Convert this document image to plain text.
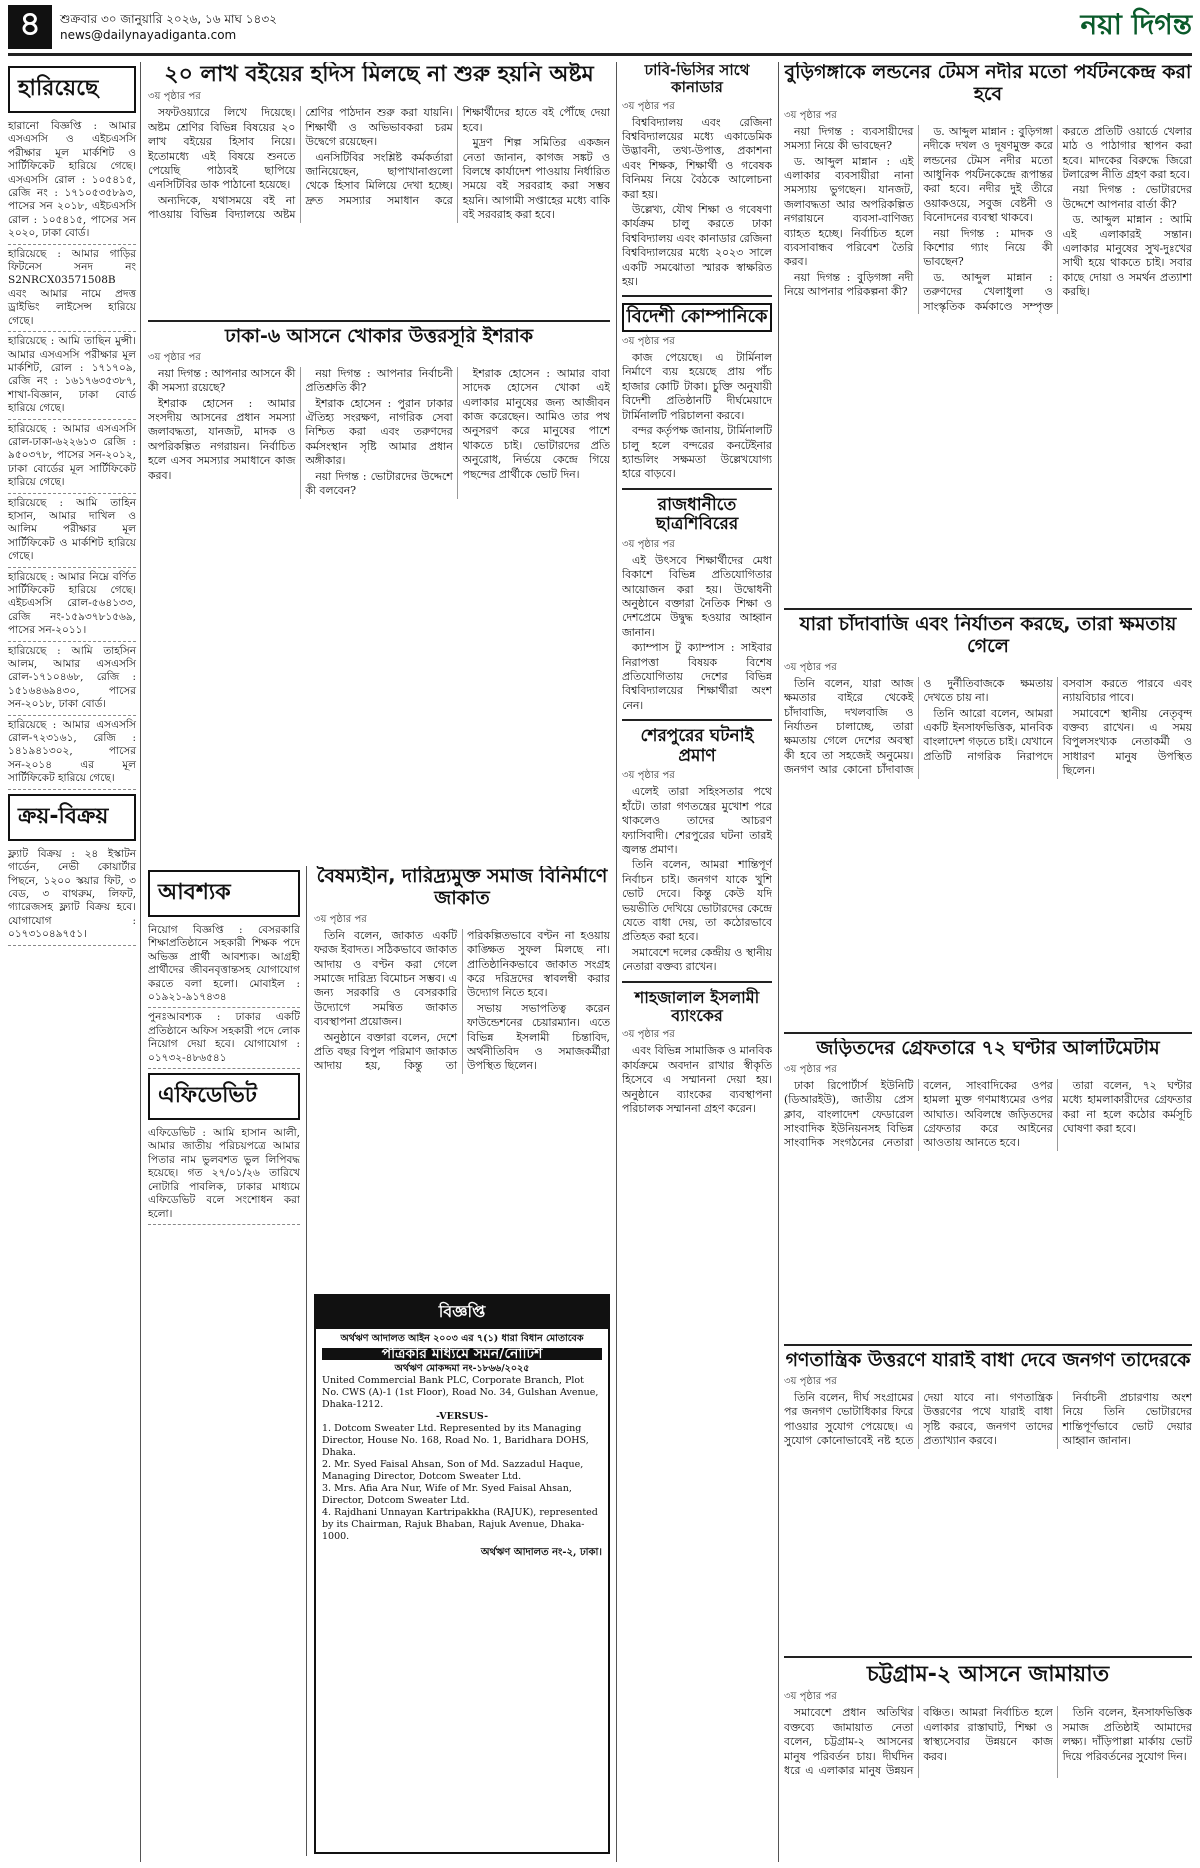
৪	শুক্রবার ৩০ জানুয়ারি ২০২৬, ১৬ মাঘ ১৪৩২
news@dailynayadiganta.com	নয়া দিগন্ত
হারিয়েছে
হারানো বিজ্ঞপ্তি : আমার এসএসসি ও এইচএসসি পরীক্ষার মূল মার্কশিট ও সার্টিফিকেট হারিয়ে গেছে। এসএসসি রোল : ১০৫৪১৫, রেজি নং : ১৭১০৫৩৫৮৯৩, পাসের সন ২০১৮, এইচএসসি রোল : ১০৫৪১৫, পাসের সন ২০২০, ঢাকা বোর্ড।
হারিয়েছে : আমার গাড়ির ফিটনেস সনদ নং S2NRCX03571508B এবং আমার নামে প্রদত্ত ড্রাইভিং লাইসেন্স হারিয়ে গেছে।
হারিয়েছে : আমি তাছিন মুন্সী। আমার এসএসসি পরীক্ষার মূল মার্কশিট, রোল : ১৭১৭০৯, রেজি নং : ১৬১৭৬৩৫৩৮৭, শাখা-বিজ্ঞান, ঢাকা বোর্ড হারিয়ে গেছে।
হারিয়েছে : আমার এসএসসি রোল-ঢাকা-৬২২৬১৩ রেজি : ৯৫০৩৭৮, পাসের সন-২০১২, ঢাকা বোর্ডের মূল সার্টিফিকেট হারিয়ে গেছে।
হারিয়েছে : আমি তাহিন হাসান, আমার দাখিল ও আলিম পরীক্ষার মূল সার্টিফিকেট ও মার্কশিট হারিয়ে গেছে।
হারিয়েছে : আমার নিম্নে বর্ণিত সার্টিফিকেট হারিয়ে গেছে। এইচএসসি রোল-৫৬৪১৩৩, রেজি নং-১৫৯৩৭৮১৫৬৯, পাসের সন-২০১১।
হারিয়েছে : আমি তাহসিন আলম, আমার এসএসসি রোল-১৭১০৪৬৮, রেজি : ১৫১৬৪৬৯৪৩০, পাসের সন-২০১৮, ঢাকা বোর্ড।
হারিয়েছে : আমার এসএসসি রোল-৭২৩১৬১, রেজি : ১৪১৯৪১৩০২, পাসের সন-২০১৪ এর মূল সার্টিফিকেট হারিয়ে গেছে।
ক্রয়-বিক্রয়
ফ্ল্যাট বিক্রয় : ২৪ ইস্কাটন গার্ডেন, নেভী কোয়ার্টার পিছনে, ১২০০ স্কয়ার ফিট, ৩ বেড, ৩ বাথরুম, লিফট, গ্যারেজসহ ফ্ল্যাট বিক্রয় হবে। যোগাযোগ : ০১৭৩১০৪৯৭৫১।
২০ লাখ বইয়ের হদিস মিলছে না শুরু হয়নি অষ্টম
৩য় পৃষ্ঠার পর

সফটওয়্যারে লিখে দিয়েছে। অষ্টম শ্রেণির বিভিন্ন বিষয়ের ২০ লাখ বইয়ের হিসাব নিয়ে। ইতোমধ্যে এই বিষয়ে শুনতে পেয়েছি পাঠ্যবই ছাপিয়ে এনসিটিবির ডাক পাঠানো হয়েছে।

অন্যদিকে, যথাসময়ে বই না পাওয়ায় বিভিন্ন বিদ্যালয়ে অষ্টম শ্রেণির পাঠদান শুরু করা যায়নি। শিক্ষার্থী ও অভিভাবকরা চরম উদ্বেগে রয়েছেন।

এনসিটিবির সংশ্লিষ্ট কর্মকর্তারা জানিয়েছেন, ছাপাখানাগুলো থেকে হিসাব মিলিয়ে দেখা হচ্ছে। দ্রুত সমস্যার সমাধান করে শিক্ষার্থীদের হাতে বই পৌঁছে দেয়া হবে।

মুদ্রণ শিল্প সমিতির একজন নেতা জানান, কাগজ সঙ্কট ও বিলম্বে কার্যাদেশ পাওয়ায় নির্ধারিত সময়ে বই সরবরাহ করা সম্ভব হয়নি। আগামী সপ্তাহের মধ্যে বাকি বই সরবরাহ করা হবে।

ঢাকা-৬ আসনে খোকার উত্তরসূরি ইশরাক
৩য় পৃষ্ঠার পর

নয়া দিগন্ত : আপনার আসনে কী কী সমস্যা রয়েছে?

ইশরাক হোসেন : আমার সংসদীয় আসনের প্রধান সমস্যা জলাবদ্ধতা, যানজট, মাদক ও অপরিকল্পিত নগরায়ন। নির্বাচিত হলে এসব সমস্যার সমাধানে কাজ করব।

নয়া দিগন্ত : আপনার নির্বাচনী প্রতিশ্রুতি কী?

ইশরাক হোসেন : পুরান ঢাকার ঐতিহ্য সংরক্ষণ, নাগরিক সেবা নিশ্চিত করা এবং তরুণদের কর্মসংস্থান সৃষ্টি আমার প্রধান অঙ্গীকার।

নয়া দিগন্ত : ভোটারদের উদ্দেশে কী বলবেন?

ইশরাক হোসেন : আমার বাবা সাদেক হোসেন খোকা এই এলাকার মানুষের জন্য আজীবন কাজ করেছেন। আমিও তার পথ অনুসরণ করে মানুষের পাশে থাকতে চাই। ভোটারদের প্রতি অনুরোধ, নির্ভয়ে কেন্দ্রে গিয়ে পছন্দের প্রার্থীকে ভোট দিন।

আবশ্যক
নিয়োগ বিজ্ঞপ্তি : বেসরকারি শিক্ষাপ্রতিষ্ঠানে সহকারী শিক্ষক পদে অভিজ্ঞ প্রার্থী আবশ্যক। আগ্রহী প্রার্থীদের জীবনবৃত্তান্তসহ যোগাযোগ করতে বলা হলো। মোবাইল : ০১৯২১-৯১৭৪৩৪
পুনঃআবশ্যক : ঢাকার একটি প্রতিষ্ঠানে অফিস সহকারী পদে লোক নিয়োগ দেয়া হবে। যোগাযোগ : ০১৭৩২-৪৮৬৫৪১
এফিডেভিট
এফিডেভিট : আমি হাসান আলী, আমার জাতীয় পরিচয়পত্রে আমার পিতার নাম ভুলবশত ভুল লিপিবদ্ধ হয়েছে। গত ২৭/০১/২৬ তারিখে নোটারি পাবলিক, ঢাকার মাধ্যমে এফিডেভিট বলে সংশোধন করা হলো।
বৈষম্যহীন, দারিদ্র্যমুক্ত সমাজ বিনির্মাণে জাকাত
৩য় পৃষ্ঠার পর

তিনি বলেন, জাকাত একটি ফরজ ইবাদত। সঠিকভাবে জাকাত আদায় ও বণ্টন করা গেলে সমাজে দারিদ্র্য বিমোচন সম্ভব। এ জন্য সরকারি ও বেসরকারি উদ্যোগে সমন্বিত জাকাত ব্যবস্থাপনা প্রয়োজন।

অনুষ্ঠানে বক্তারা বলেন, দেশে প্রতি বছর বিপুল পরিমাণ জাকাত আদায় হয়, কিন্তু তা পরিকল্পিতভাবে বণ্টন না হওয়ায় কাঙ্ক্ষিত সুফল মিলছে না। প্রাতিষ্ঠানিকভাবে জাকাত সংগ্রহ করে দরিদ্রদের স্বাবলম্বী করার উদ্যোগ নিতে হবে।

সভায় সভাপতিত্ব করেন ফাউন্ডেশনের চেয়ারম্যান। এতে বিভিন্ন ইসলামী চিন্তাবিদ, অর্থনীতিবিদ ও সমাজকর্মীরা উপস্থিত ছিলেন।

বিজ্ঞপ্তি
অর্থঋণ আদালত আইন ২০০৩ এর ৭(১) ধারা বিধান মোতাবেক
পত্রিকার মাধ্যমে সমন/নোটিশ
অর্থঋণ মোকদ্দমা নং-১৮৬৬/২০২৫

United Commercial Bank PLC, Corporate Branch, Plot No. CWS (A)-1 (1st Floor), Road No. 34, Gulshan Avenue, Dhaka-1212.

-VERSUS-

1. Dotcom Sweater Ltd. Represented by its Managing Director, House No. 168, Road No. 1, Baridhara DOHS, Dhaka.

2. Mr. Syed Faisal Ahsan, Son of Md. Sazzadul Haque, Managing Director, Dotcom Sweater Ltd.

3. Mrs. Afia Ara Nur, Wife of Mr. Syed Faisal Ahsan, Director, Dotcom Sweater Ltd.

4. Rajdhani Unnayan Kartripakkha (RAJUK), represented by its Chairman, Rajuk Bhaban, Rajuk Avenue, Dhaka-1000.

অর্থঋণ আদালত নং-২, ঢাকা।
ঢাবি-ভিসির সাথে কানাডার
৩য় পৃষ্ঠার পর

বিশ্ববিদ্যালয় এবং রেজিনা বিশ্ববিদ্যালয়ের মধ্যে একাডেমিক উদ্ভাবনী, তথ্য-উপাত্ত, প্রকাশনা এবং শিক্ষক, শিক্ষার্থী ও গবেষক বিনিময় নিয়ে বৈঠকে আলোচনা করা হয়।

উল্লেখ্য, যৌথ শিক্ষা ও গবেষণা কার্যক্রম চালু করতে ঢাকা বিশ্ববিদ্যালয় এবং কানাডার রেজিনা বিশ্ববিদ্যালয়ের মধ্যে ২০২৩ সালে একটি সমঝোতা স্মারক স্বাক্ষরিত হয়।

বিদেশী কোম্পানিকে
৩য় পৃষ্ঠার পর

কাজ পেয়েছে। এ টার্মিনাল নির্মাণে ব্যয় হয়েছে প্রায় পাঁচ হাজার কোটি টাকা। চুক্তি অনুযায়ী বিদেশী প্রতিষ্ঠানটি দীর্ঘমেয়াদে টার্মিনালটি পরিচালনা করবে।

বন্দর কর্তৃপক্ষ জানায়, টার্মিনালটি চালু হলে বন্দরের কনটেইনার হ্যান্ডলিং সক্ষমতা উল্লেখযোগ্য হারে বাড়বে।

রাজধানীতে ছাত্রশিবিরের
৩য় পৃষ্ঠার পর

এই উৎসবে শিক্ষার্থীদের মেধা বিকাশে বিভিন্ন প্রতিযোগিতার আয়োজন করা হয়। উদ্বোধনী অনুষ্ঠানে বক্তারা নৈতিক শিক্ষা ও দেশপ্রেমে উদ্বুদ্ধ হওয়ার আহ্বান জানান।

ক্যাম্পাস টু ক্যাম্পাস : সাইবার নিরাপত্তা বিষয়ক বিশেষ প্রতিযোগিতায় দেশের বিভিন্ন বিশ্ববিদ্যালয়ের শিক্ষার্থীরা অংশ নেন।

শেরপুরের ঘটনাই প্রমাণ
৩য় পৃষ্ঠার পর

এলেই তারা সহিংসতার পথে হাঁটে। তারা গণতন্ত্রের মুখোশ পরে থাকলেও তাদের আচরণ ফ্যাসিবাদী। শেরপুরের ঘটনা তারই জ্বলন্ত প্রমাণ।

তিনি বলেন, আমরা শান্তিপূর্ণ নির্বাচন চাই। জনগণ যাকে খুশি ভোট দেবে। কিন্তু কেউ যদি ভয়ভীতি দেখিয়ে ভোটারদের কেন্দ্রে যেতে বাধা দেয়, তা কঠোরভাবে প্রতিহত করা হবে।

সমাবেশে দলের কেন্দ্রীয় ও স্থানীয় নেতারা বক্তব্য রাখেন।

শাহজালাল ইসলামী ব্যাংকের
৩য় পৃষ্ঠার পর

এবং বিভিন্ন সামাজিক ও মানবিক কার্যক্রমে অবদান রাখার স্বীকৃতি হিসেবে এ সম্মাননা দেয়া হয়। অনুষ্ঠানে ব্যাংকের ব্যবস্থাপনা পরিচালক সম্মাননা গ্রহণ করেন।

বুড়িগঙ্গাকে লন্ডনের টেমস নদীর মতো পর্যটনকেন্দ্র করা হবে
৩য় পৃষ্ঠার পর

নয়া দিগন্ত : ব্যবসায়ীদের সমস্যা নিয়ে কী ভাবছেন?

ড. আব্দুল মান্নান : এই এলাকার ব্যবসায়ীরা নানা সমস্যায় ভুগছেন। যানজট, জলাবদ্ধতা আর অপরিকল্পিত নগরায়নে ব্যবসা-বাণিজ্য ব্যাহত হচ্ছে। নির্বাচিত হলে ব্যবসাবান্ধব পরিবেশ তৈরি করব।

নয়া দিগন্ত : বুড়িগঙ্গা নদী নিয়ে আপনার পরিকল্পনা কী?

ড. আব্দুল মান্নান : বুড়িগঙ্গা নদীকে দখল ও দূষণমুক্ত করে লন্ডনের টেমস নদীর মতো আধুনিক পর্যটনকেন্দ্রে রূপান্তর করা হবে। নদীর দুই তীরে ওয়াকওয়ে, সবুজ বেষ্টনী ও বিনোদনের ব্যবস্থা থাকবে।

নয়া দিগন্ত : মাদক ও কিশোর গ্যাং নিয়ে কী ভাবছেন?

ড. আব্দুল মান্নান : তরুণদের খেলাধুলা ও সাংস্কৃতিক কর্মকাণ্ডে সম্পৃক্ত করতে প্রতিটি ওয়ার্ডে খেলার মাঠ ও পাঠাগার স্থাপন করা হবে। মাদকের বিরুদ্ধে জিরো টলারেন্স নীতি গ্রহণ করা হবে।

নয়া দিগন্ত : ভোটারদের উদ্দেশে আপনার বার্তা কী?

ড. আব্দুল মান্নান : আমি এই এলাকারই সন্তান। এলাকার মানুষের সুখ-দুঃখের সাথী হয়ে থাকতে চাই। সবার কাছে দোয়া ও সমর্থন প্রত্যাশা করছি।

যারা চাঁদাবাজি এবং নির্যাতন করছে, তারা ক্ষমতায় গেলে
৩য় পৃষ্ঠার পর

তিনি বলেন, যারা আজ ক্ষমতার বাইরে থেকেই চাঁদাবাজি, দখলবাজি ও নির্যাতন চালাচ্ছে, তারা ক্ষমতায় গেলে দেশের অবস্থা কী হবে তা সহজেই অনুমেয়। জনগণ আর কোনো চাঁদাবাজ ও দুর্নীতিবাজকে ক্ষমতায় দেখতে চায় না।

তিনি আরো বলেন, আমরা একটি ইনসাফভিত্তিক, মানবিক বাংলাদেশ গড়তে চাই। যেখানে প্রতিটি নাগরিক নিরাপদে বসবাস করতে পারবে এবং ন্যায়বিচার পাবে।

সমাবেশে স্থানীয় নেতৃবৃন্দ বক্তব্য রাখেন। এ সময় বিপুলসংখ্যক নেতাকর্মী ও সাধারণ মানুষ উপস্থিত ছিলেন।

জড়িতদের গ্রেফতারে ৭২ ঘণ্টার আলটিমেটাম
৩য় পৃষ্ঠার পর

ঢাকা রিপোর্টার্স ইউনিটি (ডিআরইউ), জাতীয় প্রেস ক্লাব, বাংলাদেশ ফেডারেল সাংবাদিক ইউনিয়নসহ বিভিন্ন সাংবাদিক সংগঠনের নেতারা বলেন, সাংবাদিকের ওপর হামলা মুক্ত গণমাধ্যমের ওপর আঘাত। অবিলম্বে জড়িতদের গ্রেফতার করে আইনের আওতায় আনতে হবে।

তারা বলেন, ৭২ ঘণ্টার মধ্যে হামলাকারীদের গ্রেফতার করা না হলে কঠোর কর্মসূচি ঘোষণা করা হবে।

গণতান্ত্রিক উত্তরণে যারাই বাধা দেবে জনগণ তাদেরকে
৩য় পৃষ্ঠার পর

তিনি বলেন, দীর্ঘ সংগ্রামের পর জনগণ ভোটাধিকার ফিরে পাওয়ার সুযোগ পেয়েছে। এ সুযোগ কোনোভাবেই নষ্ট হতে দেয়া যাবে না। গণতান্ত্রিক উত্তরণের পথে যারাই বাধা সৃষ্টি করবে, জনগণ তাদের প্রত্যাখ্যান করবে।

নির্বাচনী প্রচারণায় অংশ নিয়ে তিনি ভোটারদের শান্তিপূর্ণভাবে ভোট দেয়ার আহ্বান জানান।

চট্টগ্রাম-২ আসনে জামায়াত
৩য় পৃষ্ঠার পর

সমাবেশে প্রধান অতিথির বক্তব্যে জামায়াত নেতা বলেন, চট্টগ্রাম-২ আসনের মানুষ পরিবর্তন চায়। দীর্ঘদিন ধরে এ এলাকার মানুষ উন্নয়ন বঞ্চিত। আমরা নির্বাচিত হলে এলাকার রাস্তাঘাট, শিক্ষা ও স্বাস্থ্যসেবার উন্নয়নে কাজ করব।

তিনি বলেন, ইনসাফভিত্তিক সমাজ প্রতিষ্ঠাই আমাদের লক্ষ্য। দাঁড়িপাল্লা মার্কায় ভোট দিয়ে পরিবর্তনের সুযোগ দিন।
